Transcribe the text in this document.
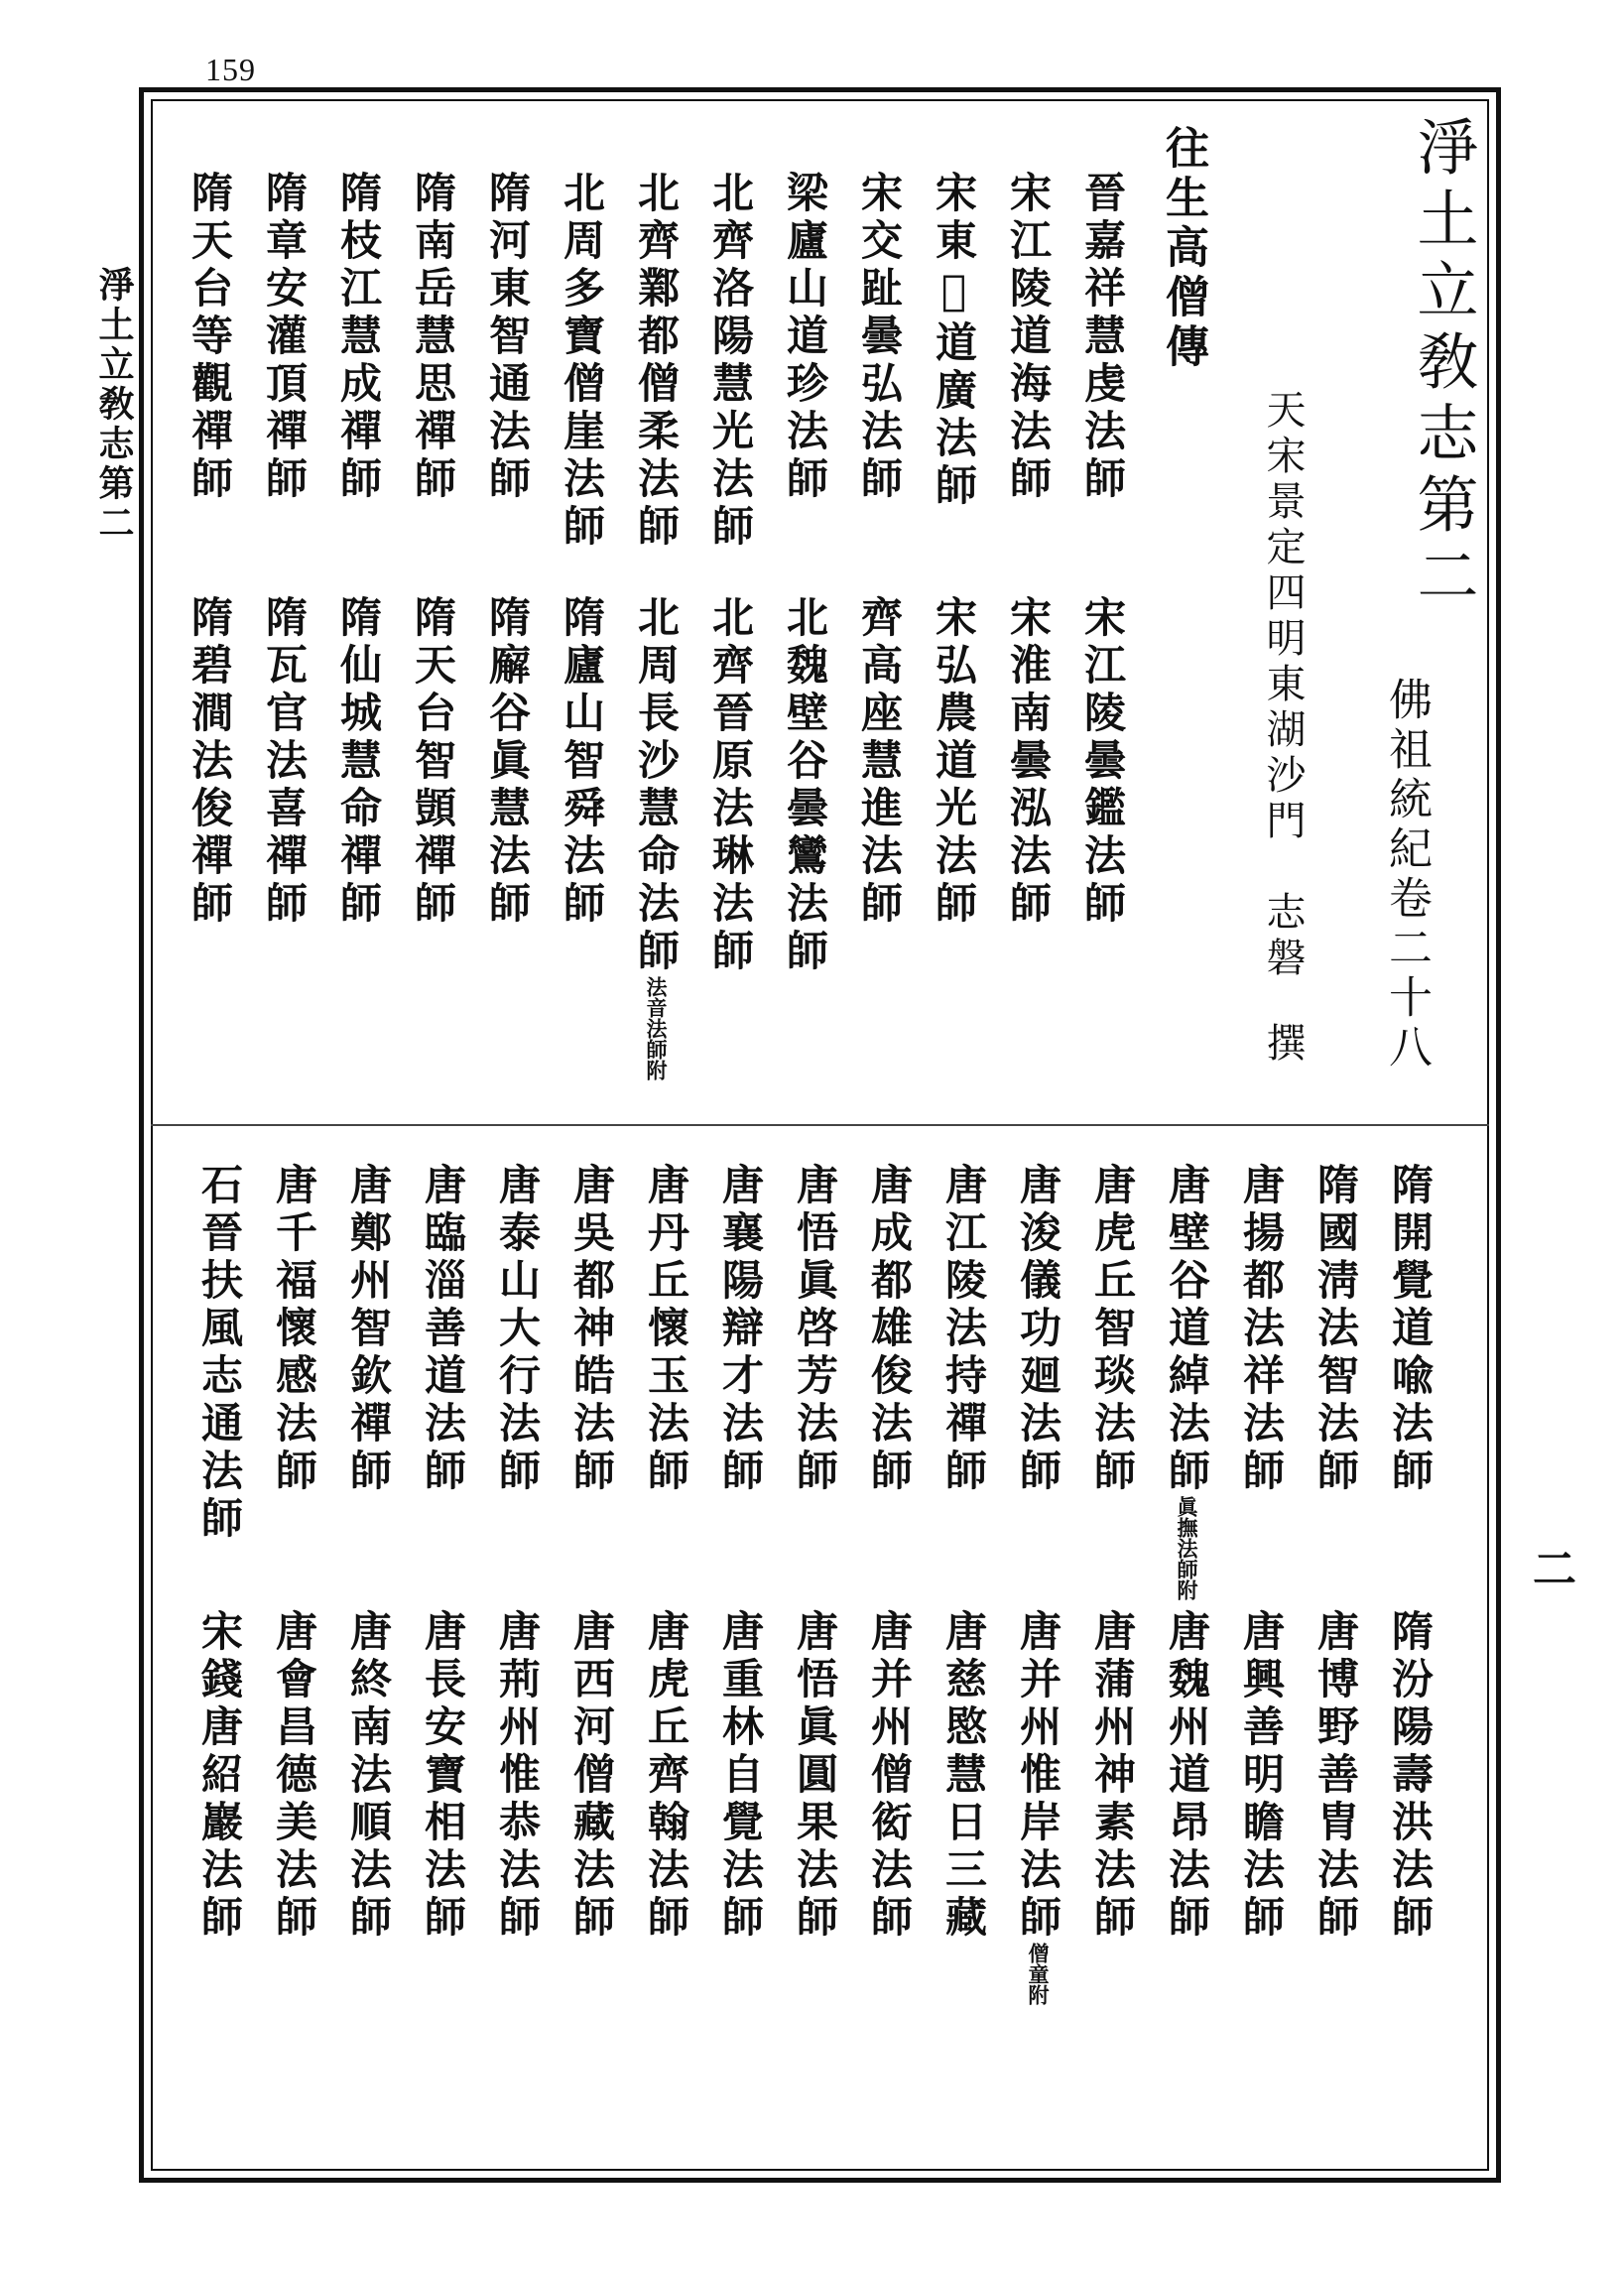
159
淨土立敎志第二
二
淨土立敎志第二
佛祖統紀卷二十八
天宋景定四明東湖沙門　志磐
撰
往生高僧傳
晉嘉祥慧虔法師
宋江陵道海法師
宋東𨲖道廣法師
宋交趾曇弘法師
梁廬山道珍法師
北齊洛陽慧光法師
北齊鄴都僧柔法師
北周多寶僧崖法師
隋河東智通法師
隋南岳慧思禪師
隋枝江慧成禪師
隋章安灌頂禪師
隋天台等觀禪師
宋江陵曇鑑法師
宋淮南曇泓法師
宋弘農道光法師
齊高座慧進法師
北魏壁谷曇鸞法師
北齊晉原法琳法師
北周長沙慧命法師法音法師附
隋廬山智舜法師
隋廨谷眞慧法師
隋天台智顗禪師
隋仙城慧命禪師
隋瓦官法喜禪師
隋碧澗法俊禪師
隋開覺道喩法師
隋國淸法智法師
唐揚都法祥法師
唐壁谷道綽法師眞撫法師附
唐虎丘智琰法師
唐浚儀功廻法師
唐江陵法持禪師
唐成都雄俊法師
唐悟眞啓芳法師
唐襄陽辯才法師
唐丹丘懷玉法師
唐吳都神皓法師
唐泰山大行法師
唐臨淄善道法師
唐鄭州智欽禪師
唐千福懷感法師
石晉扶風志通法師
隋汾陽壽洪法師
唐博野善胄法師
唐興善明瞻法師
唐魏州道昂法師
唐蒲州神素法師
唐并州惟岸法師僧童附
唐慈愍慧日三藏
唐并州僧衒法師
唐悟眞圓果法師
唐重林自覺法師
唐虎丘齊翰法師
唐西河僧藏法師
唐荊州惟恭法師
唐長安寶相法師
唐終南法順法師
唐會昌德美法師
宋錢唐紹巖法師
